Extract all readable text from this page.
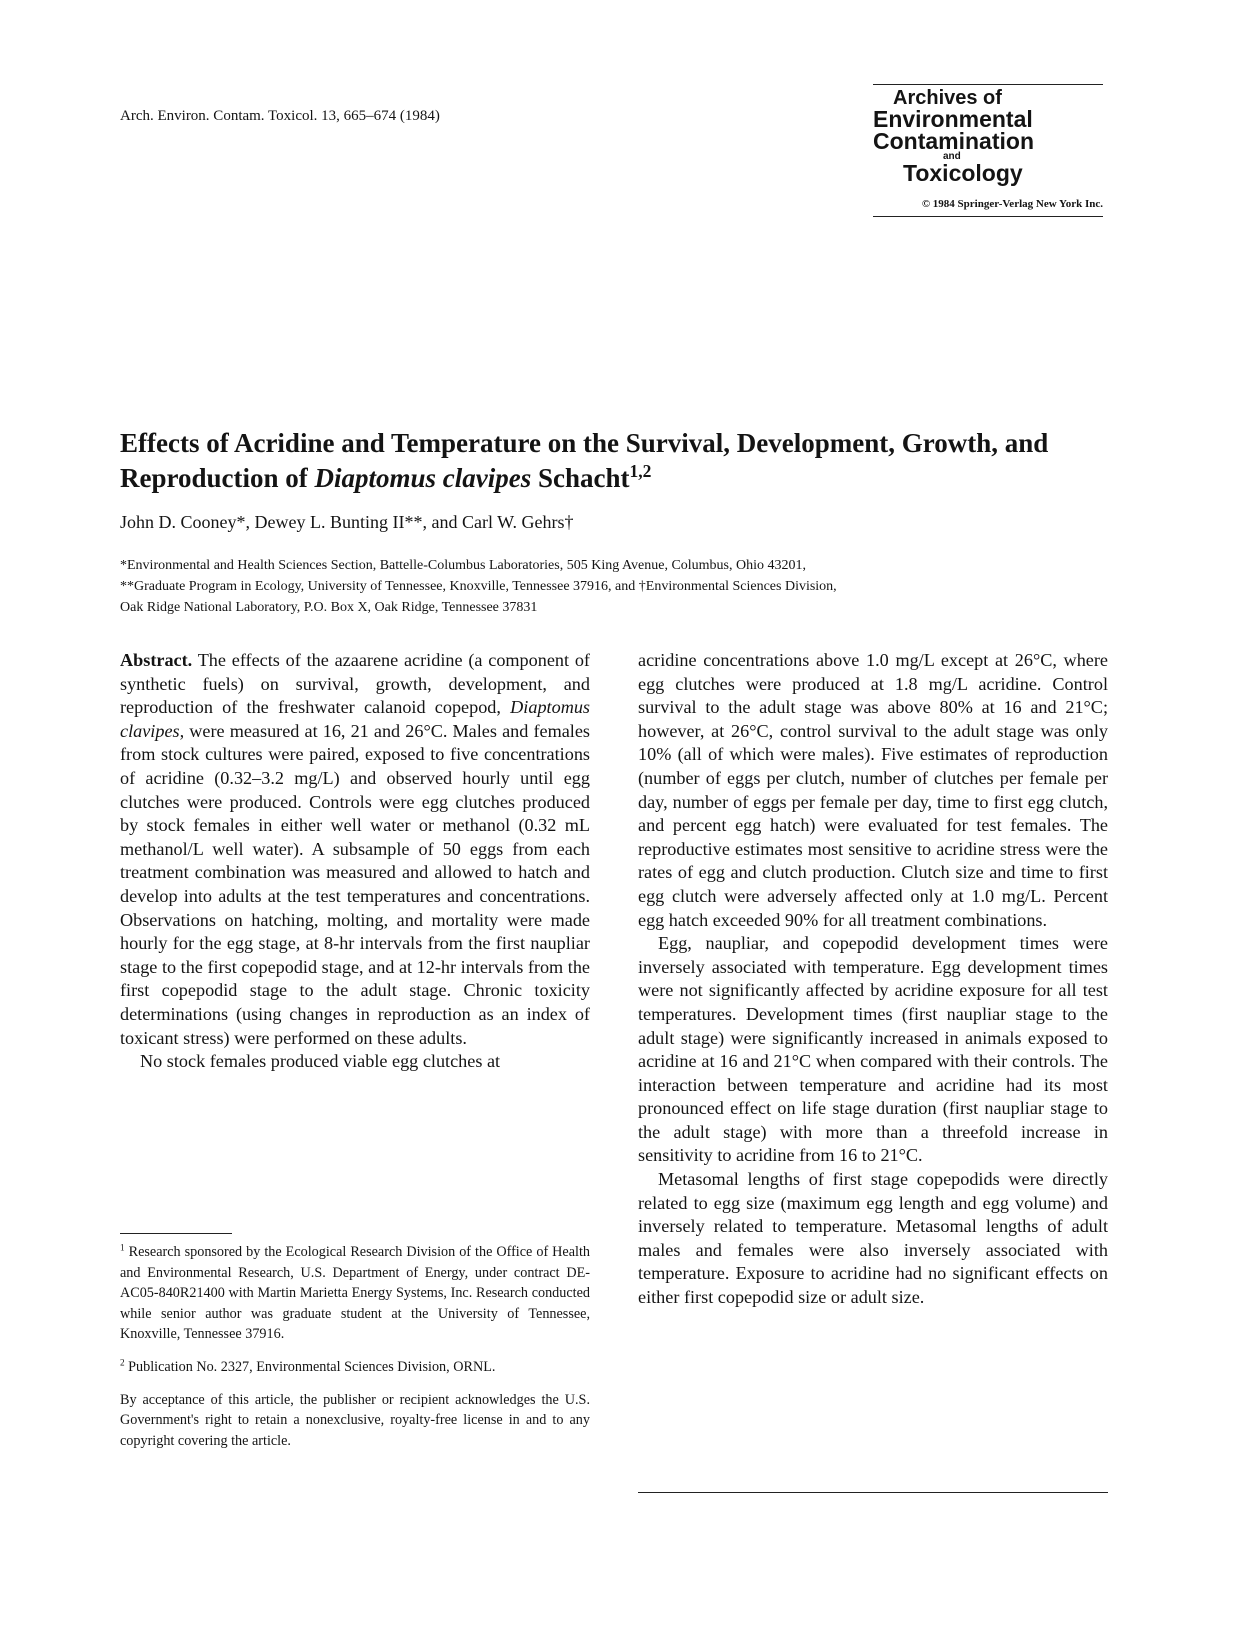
Arch. Environ. Contam. Toxicol. 13, 665–674 (1984)
Archives of
Environmental
Contamination
and
Toxicology
© 1984 Springer-Verlag New York Inc.
Effects of Acridine and Temperature on the Survival, Development, Growth, and Reproduction of Diaptomus clavipes Schacht$^{1,2}$
John D. Cooney*, Dewey L. Bunting II**, and Carl W. Gehrs†
*Environmental and Health Sciences Section, Battelle-Columbus Laboratories, 505 King Avenue, Columbus, Ohio 43201,
**Graduate Program in Ecology, University of Tennessee, Knoxville, Tennessee 37916, and †Environmental Sciences Division,
Oak Ridge National Laboratory, P.O. Box X, Oak Ridge, Tennessee 37831

Abstract. The effects of the azaarene acridine (a component of synthetic fuels) on survival, growth, development, and reproduction of the freshwater calanoid copepod, Diaptomus clavipes, were measured at 16, 21 and 26°C. Males and females from stock cultures were paired, exposed to five concentrations of acridine (0.32–3.2 mg/L) and observed hourly until egg clutches were produced. Controls were egg clutches produced by stock females in either well water or methanol (0.32 mL methanol/L well water). A subsample of 50 eggs from each treatment combination was measured and allowed to hatch and develop into adults at the test temperatures and concentrations. Observations on hatching, molting, and mortality were made hourly for the egg stage, at 8-hr intervals from the first naupliar stage to the first copepodid stage, and at 12-hr intervals from the first copepodid stage to the adult stage. Chronic toxicity determinations (using changes in reproduction as an index of toxicant stress) were performed on these adults.

No stock females produced viable egg clutches at

acridine concentrations above 1.0 mg/L except at 26°C, where egg clutches were produced at 1.8 mg/L acridine. Control survival to the adult stage was above 80% at 16 and 21°C; however, at 26°C, control survival to the adult stage was only 10% (all of which were males). Five estimates of reproduction (number of eggs per clutch, number of clutches per female per day, number of eggs per female per day, time to first egg clutch, and percent egg hatch) were evaluated for test females. The reproductive estimates most sensitive to acridine stress were the rates of egg and clutch production. Clutch size and time to first egg clutch were adversely affected only at 1.0 mg/L. Percent egg hatch exceeded 90% for all treatment combinations.

Egg, naupliar, and copepodid development times were inversely associated with temperature. Egg development times were not significantly affected by acridine exposure for all test temperatures. Development times (first naupliar stage to the adult stage) were significantly increased in animals exposed to acridine at 16 and 21°C when compared with their controls. The interaction between temperature and acridine had its most pronounced effect on life stage duration (first naupliar stage to the adult stage) with more than a threefold increase in sensitivity to acridine from 16 to 21°C.

Metasomal lengths of first stage copepodids were directly related to egg size (maximum egg length and egg volume) and inversely related to temperature. Metasomal lengths of adult males and females were also inversely associated with temperature. Exposure to acridine had no significant effects on either first copepodid size or adult size.

$^1$ Research sponsored by the Ecological Research Division of the Office of Health and Environmental Research, U.S. Department of Energy, under contract DE-AC05-840R21400 with Martin Marietta Energy Systems, Inc. Research conducted while senior author was graduate student at the University of Tennessee, Knoxville, Tennessee 37916.

$^2$ Publication No. 2327, Environmental Sciences Division, ORNL.

By acceptance of this article, the publisher or recipient acknowledges the U.S. Government's right to retain a nonexclusive, royalty-free license in and to any copyright covering the article.
